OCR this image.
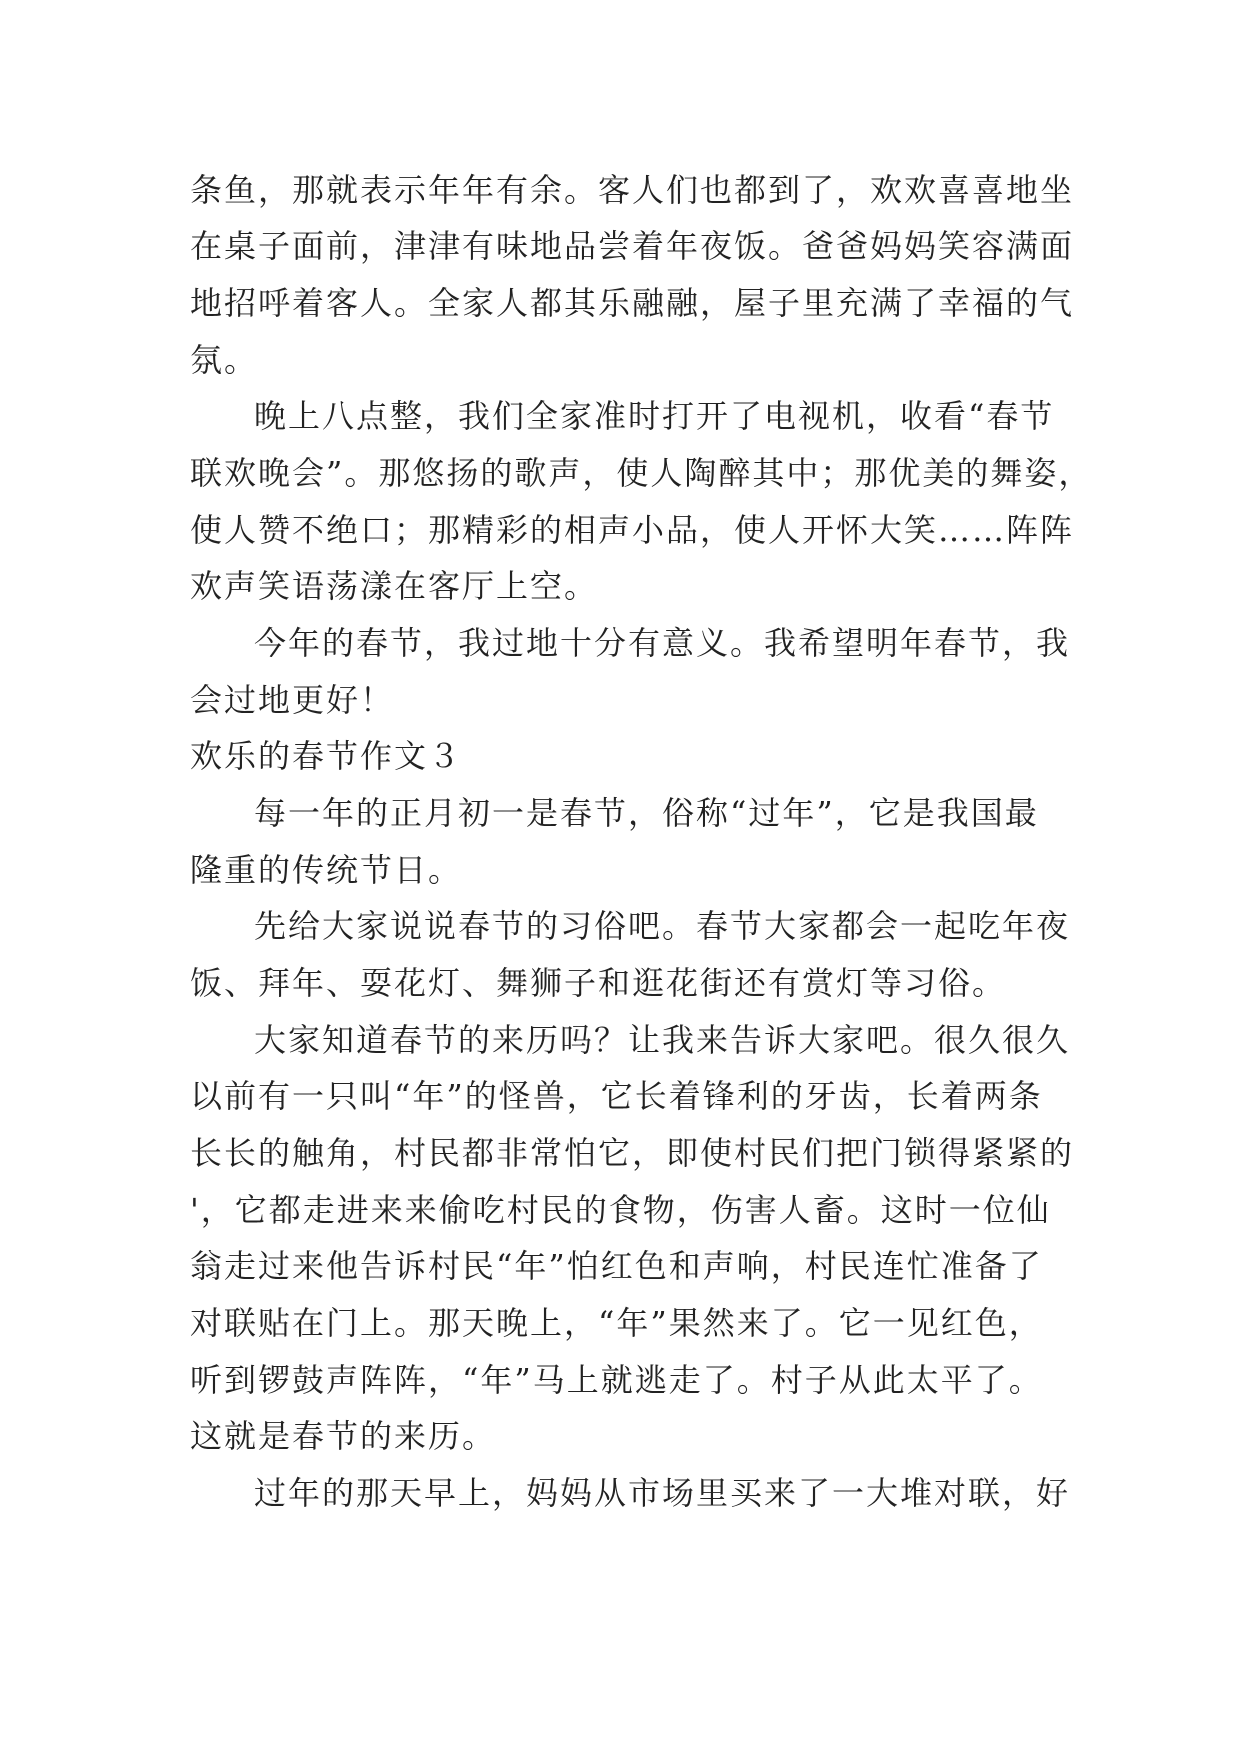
条鱼，那就表示年年有余。客人们也都到了，欢欢喜喜地坐
在桌子面前，津津有味地品尝着年夜饭。爸爸妈妈笑容满面
地招呼着客人。全家人都其乐融融，屋子里充满了幸福的气
氛。
晚上八点整，我们全家准时打开了电视机，收看“春节
联欢晚会”。那悠扬的歌声，使人陶醉其中；那优美的舞姿，
使人赞不绝口；那精彩的相声小品，使人开怀大笑……阵阵
欢声笑语荡漾在客厅上空。
今年的春节，我过地十分有意义。我希望明年春节，我
会过地更好！
欢乐的春节作文３
每一年的正月初一是春节，俗称“过年”，它是我国最
隆重的传统节日。
先给大家说说春节的习俗吧。春节大家都会一起吃年夜
饭、拜年、耍花灯、舞狮子和逛花街还有赏灯等习俗。
大家知道春节的来历吗？让我来告诉大家吧。很久很久
以前有一只叫“年”的怪兽，它长着锋利的牙齿，长着两条
长长的触角，村民都非常怕它，即使村民们把门锁得紧紧的
'，它都走进来来偷吃村民的食物，伤害人畜。这时一位仙
翁走过来他告诉村民“年”怕红色和声响，村民连忙准备了
对联贴在门上。那天晚上，“年”果然来了。它一见红色，
听到锣鼓声阵阵，“年”马上就逃走了。村子从此太平了。
这就是春节的来历。
过年的那天早上，妈妈从市场里买来了一大堆对联，好
